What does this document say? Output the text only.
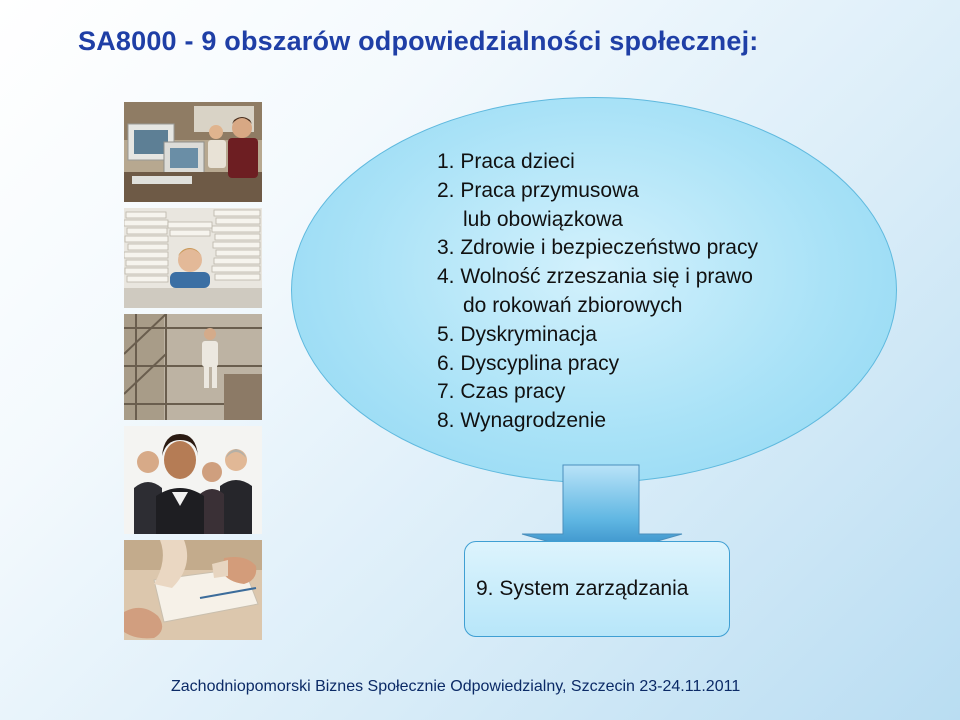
SA8000 - 9 obszarów odpowiedzialności społecznej:
1. Praca dzieci
2. Praca przymusowa
lub obowiązkowa
3. Zdrowie i bezpieczeństwo pracy
4. Wolność zrzeszania się i prawo
do rokowań zbiorowych
5. Dyskryminacja
6. Dyscyplina pracy
7. Czas pracy
8. Wynagrodzenie
9. System zarządzania
Zachodniopomorski Biznes Społecznie Odpowiedzialny, Szczecin 23-24.11.2011
